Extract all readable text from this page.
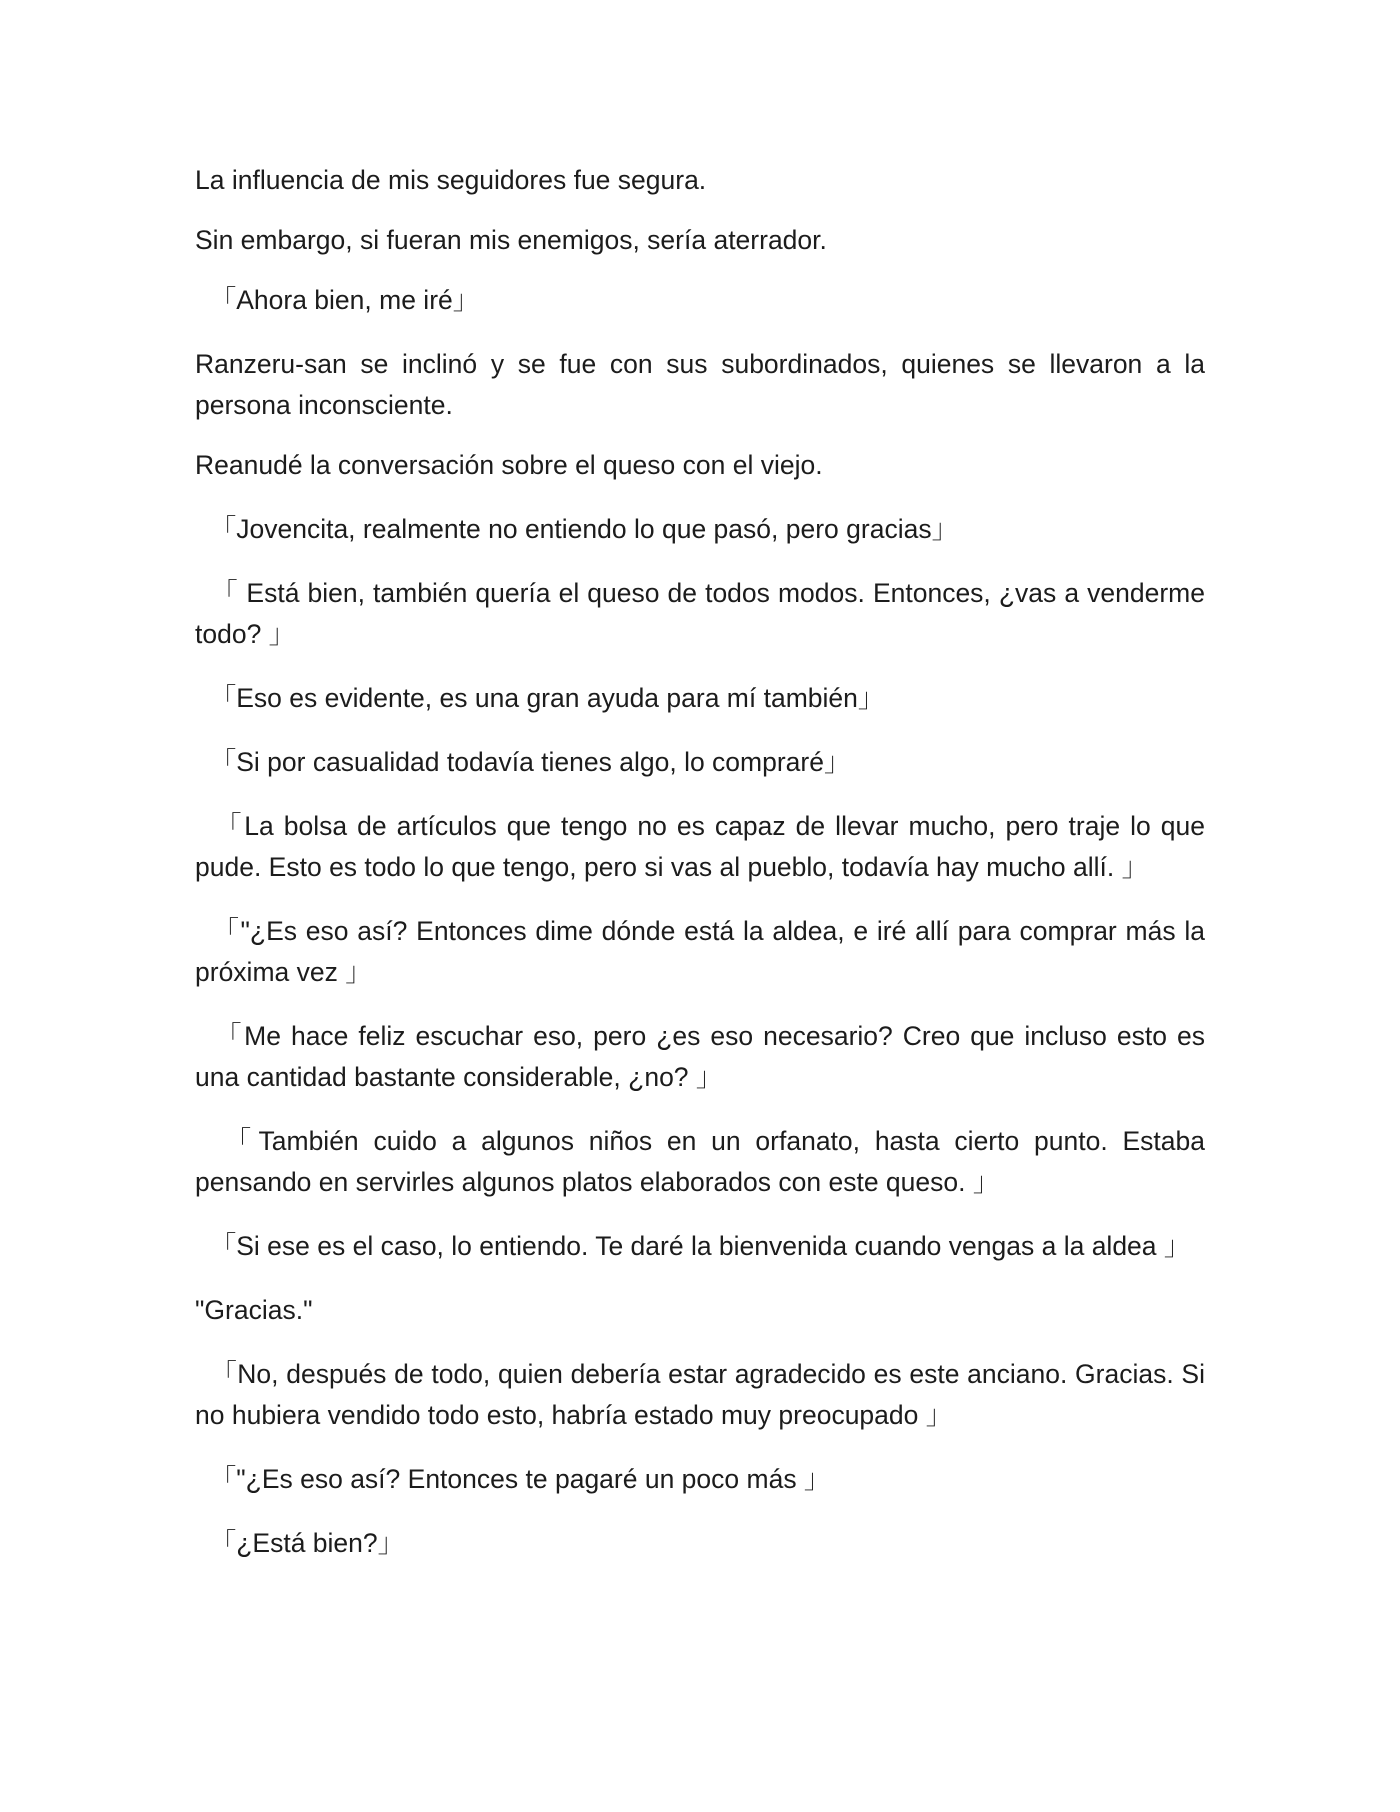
La influencia de mis seguidores fue segura.

Sin embargo, si fueran mis enemigos, sería aterrador.

「Ahora bien, me iré」

Ranzeru-san se inclinó y se fue con sus subordinados, quienes se llevaron a la persona inconsciente.

Reanudé la conversación sobre el queso con el viejo.

「Jovencita, realmente no entiendo lo que pasó, pero gracias」

「 Está bien, también quería el queso de todos modos. Entonces, ¿vas a venderme todo? 」

「Eso es evidente, es una gran ayuda para mí también」

「Si por casualidad todavía tienes algo, lo compraré」

「La bolsa de artículos que tengo no es capaz de llevar mucho, pero traje lo que pude. Esto es todo lo que tengo, pero si vas al pueblo, todavía hay mucho allí. 」

「"¿Es eso así? Entonces dime dónde está la aldea, e iré allí para comprar más la próxima vez 」

「Me hace feliz escuchar eso, pero ¿es eso necesario? Creo que incluso esto es una cantidad bastante considerable, ¿no? 」

「También cuido a algunos niños en un orfanato, hasta cierto punto. Estaba pensando en servirles algunos platos elaborados con este queso. 」

「Si ese es el caso, lo entiendo. Te daré la bienvenida cuando vengas a la aldea 」

"Gracias."

「No, después de todo, quien debería estar agradecido es este anciano. Gracias. Si no hubiera vendido todo esto, habría estado muy preocupado 」

「"¿Es eso así? Entonces te pagaré un poco más 」

「¿Está bien?」
